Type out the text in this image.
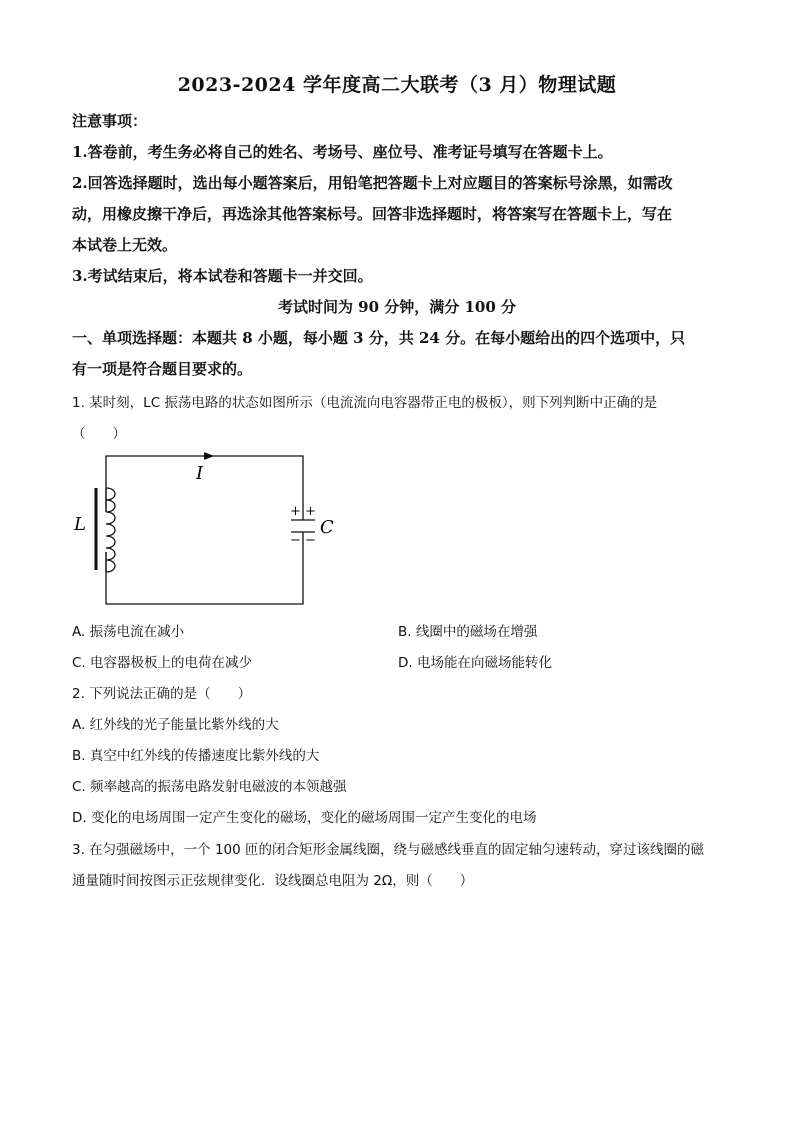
2023-2024 学年度高二大联考（3 月）物理试题
注意事项：
1.答卷前，考生务必将自己的姓名、考场号、座位号、准考证号填写在答题卡上。
2.回答选择题时，选出每小题答案后，用铅笔把答题卡上对应题目的答案标号涂黑，如需改
动，用橡皮擦干净后，再选涂其他答案标号。回答非选择题时，将答案写在答题卡上，写在
本试卷上无效。
3.考试结束后，将本试卷和答题卡一并交回。
考试时间为 90 分钟，满分 100 分
一、单项选择题：本题共 8 小题，每小题 3 分，共 24 分。在每小题给出的四个选项中，只
有一项是符合题目要求的。
1. 某时刻，LC 振荡电路的状态如图所示（电流流向电容器带正电的极板），则下列判断中正确的是
（　　）
+ +
− −
L
I
C
A. 振荡电流在减小	B. 线圈中的磁场在增强
C. 电容器极板上的电荷在减少	D. 电场能在向磁场能转化
2. 下列说法正确的是（　　）
A. 红外线的光子能量比紫外线的大
B. 真空中红外线的传播速度比紫外线的大
C. 频率越高的振荡电路发射电磁波的本领越强
D. 变化的电场周围一定产生变化的磁场，变化的磁场周围一定产生变化的电场
3. 在匀强磁场中，一个 100 匝的闭合矩形金属线圈，绕与磁感线垂直的固定轴匀速转动，穿过该线圈的磁
通量随时间按图示正弦规律变化．设线圈总电阻为 2Ω，则（　　）
